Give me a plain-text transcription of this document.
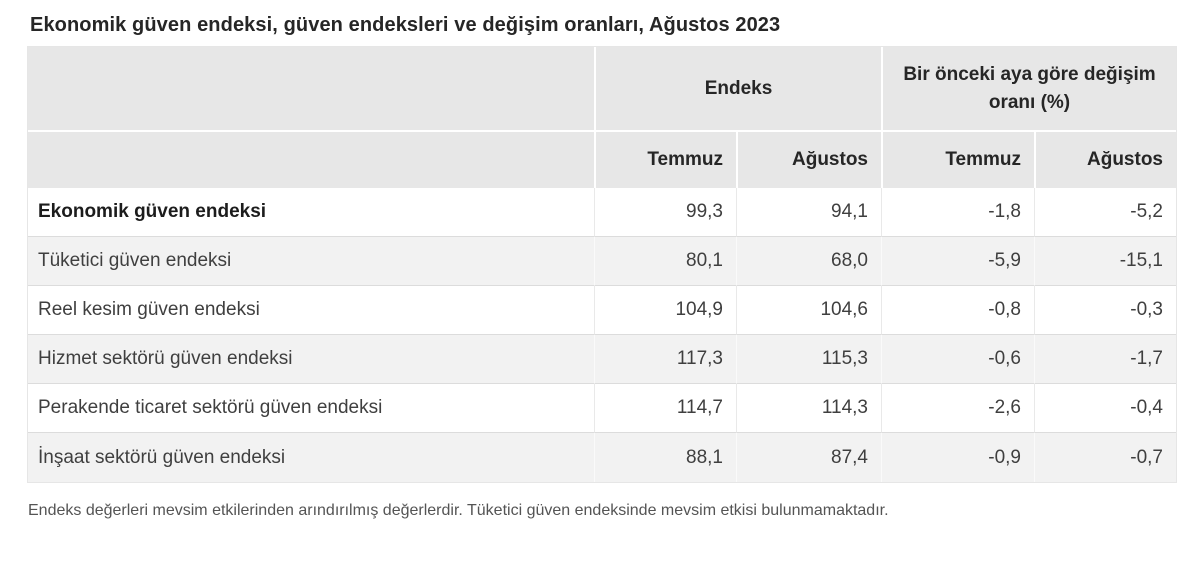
Ekonomik güven endeksi, güven endeksleri ve değişim oranları, Ağustos 2023
	Endeks		Bir önceki aya göre değişim oranı (%)	
	Temmuz	Ağustos	Temmuz	Ağustos
Ekonomik güven endeksi	99,3	94,1	-1,8	-5,2
Tüketici güven endeksi	80,1	68,0	-5,9	-15,1
Reel kesim güven endeksi	104,9	104,6	-0,8	-0,3
Hizmet sektörü güven endeksi	117,3	115,3	-0,6	-1,7
Perakende ticaret sektörü güven endeksi	114,7	114,3	-2,6	-0,4
İnşaat sektörü güven endeksi	88,1	87,4	-0,9	-0,7
Endeks değerleri mevsim etkilerinden arındırılmış değerlerdir. Tüketici güven endeksinde mevsim etkisi bulunmamaktadır.
